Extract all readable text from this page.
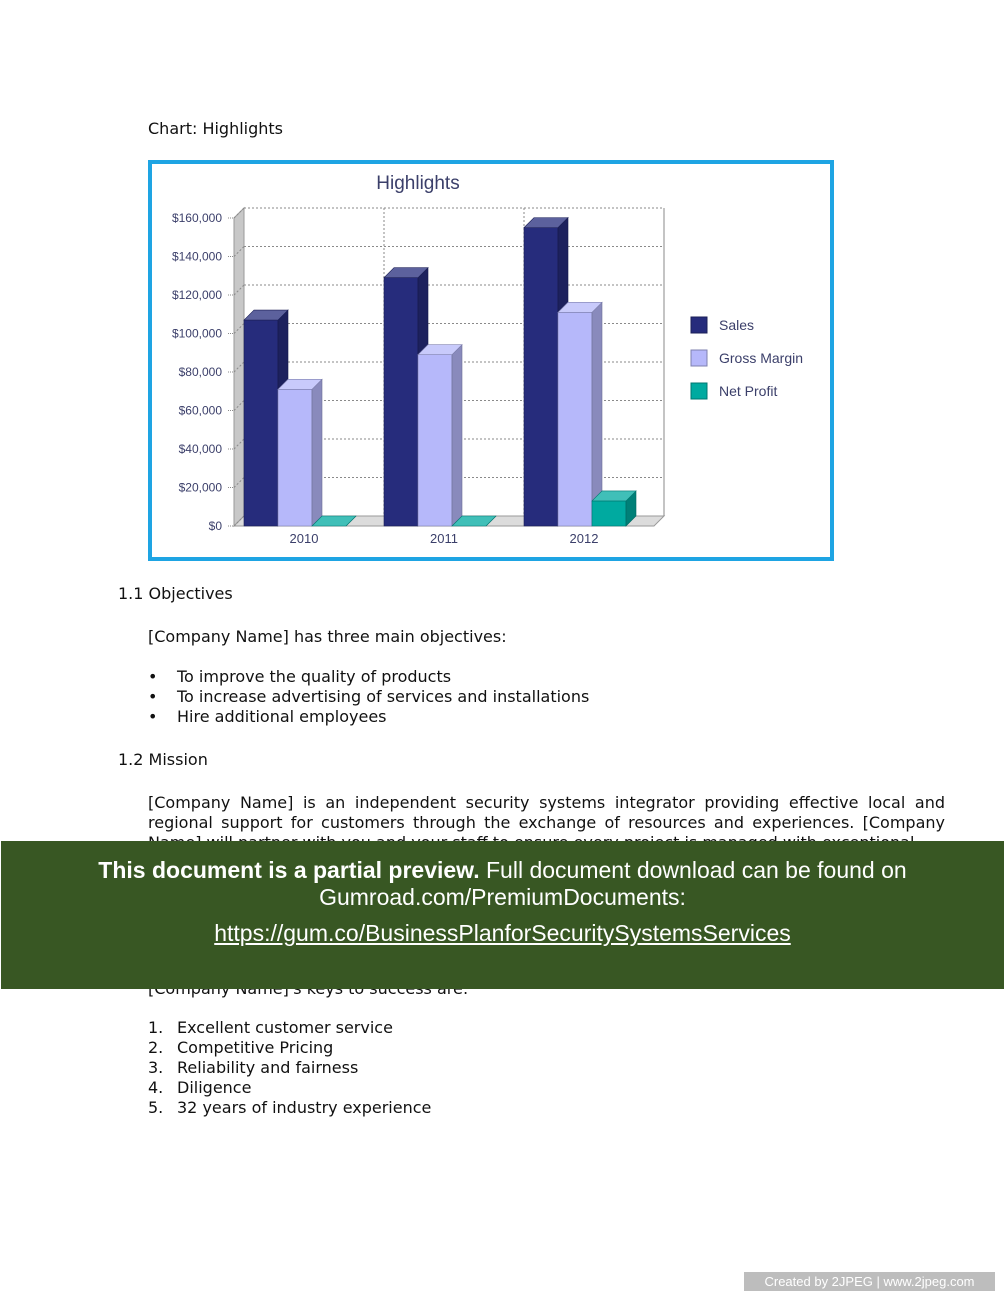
Chart: Highlights
Highlights
$0
$20,000
$40,000
$60,000
$80,000
$100,000
$120,000
$140,000
$160,000
2010	2011	2012
Sales
Gross Margin
Net Profit
1.1 Objectives
[Company Name] has three main objectives:
• To improve the quality of products
• To increase advertising of services and installations
• Hire additional employees
1.2 Mission
[Company Name] is an independent security systems integrator providing effective local and regional support for customers through the exchange of resources and experiences. [Company
1. Excellent customer service
2. Competitive Pricing
3. Reliability and fairness
4. Diligence
5. 32 years of industry experience
This document is a partial preview. Full document download can be found on
Gumroad.com/PremiumDocuments:
https://gum.co/BusinessPlanforSecuritySystemsServices
Created by 2JPEG | www.2jpeg.com
